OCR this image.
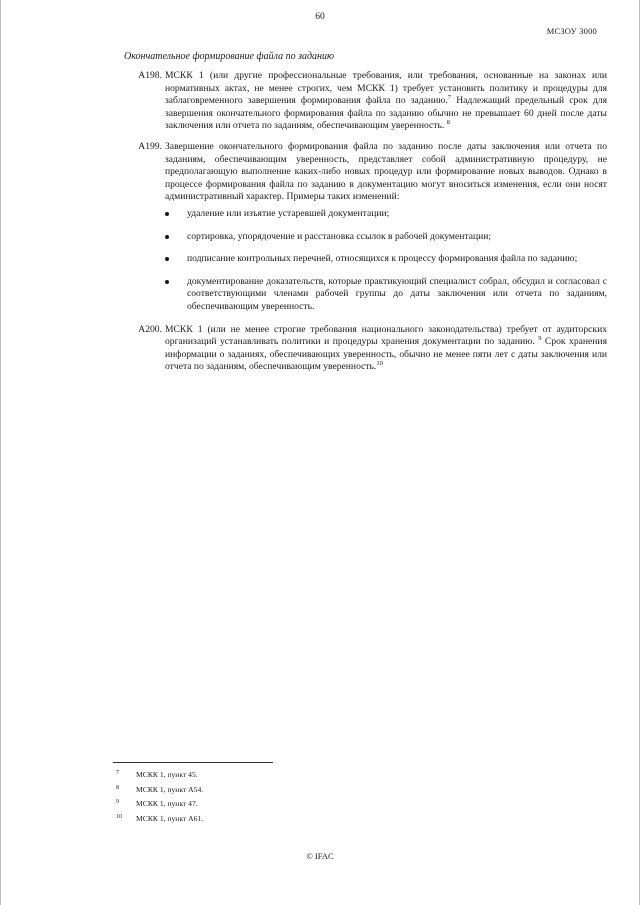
60
МСЗОУ 3000
Окончательное формирование файла по заданию
A198. МСКК 1 (или другие профессиональные требования, или требования, основанные на законах или нормативных актах, не менее строгих, чем МСКК 1) требует установить политику и процедуры для заблаговременного завершения формирования файла по заданию.$^7$ Надлежащий предельный срок для завершения окончательного формирования файла по заданию обычно не превышает 60 дней после даты заключения или отчета по заданиям, обеспечивающим уверенность. $^8$
A199. Завершение окончательного формирования файла по заданию после даты заключения или отчета по заданиям, обеспечивающим уверенность, представляет собой административную процедуру, не предполагающую выполнение каких-либо новых процедур или формирование новых выводов. Однако в процессе формирования файла по заданию в документацию могут вноситься изменения, если они носят административный характер. Примеры таких изменений:
удаление или изъятие устаревшей документации;
сортировка, упорядочение и расстановка ссылок в рабочей документации;
подписание контрольных перечней, относящихся к процессу формирования файла по заданию;
документирование доказательств, которые практикующий специалист собрал, обсудил и согласовал с соответствующими членами рабочей группы до даты заключения или отчета по заданиям, обеспечивающим уверенность.
A200. МСКК 1 (или не менее строгие требования национального законодательства) требует от аудиторских организаций устанавливать политики и процедуры хранения документации по заданию. $^9$ Срок хранения информации о заданиях, обеспечивающих уверенность, обычно не менее пяти лет с даты заключения или отчета по заданиям, обеспечивающим уверенность.$^{10}$
7 МСКК 1, пункт 45.
8 МСКК 1, пункт A54.
9 МСКК 1, пункт 47.
10 МСКК 1, пункт A61.
© IFAC
